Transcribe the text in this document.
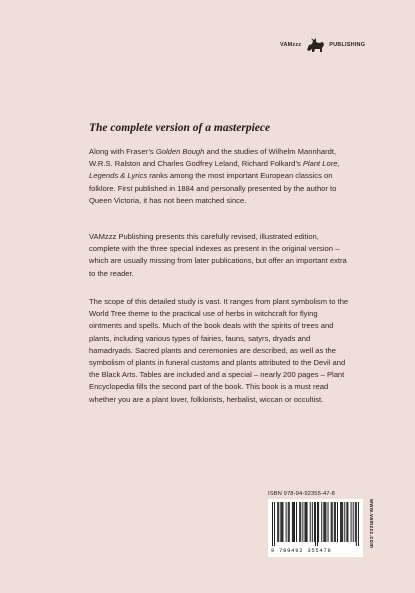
VAMzzz	PUBLISHING
The complete version of a masterpiece

Along with Fraser’s Golden Bough and the studies of Wilhelm Mannhardt, W.R.S. Ralston and Charles Godfrey Leland, Richard Folkard’s Plant Lore, Legends & Lyrics ranks among the most important European classics on folklore. First published in 1884 and personally presented by the author to Queen Victoria, it has not been matched since.

VAMzzz Publishing presents this carefully revised, illustrated edition, complete with the three special indexes as present in the original version – which are usually missing from later publications, but offer an important extra to the reader.

The scope of this detailed study is vast. It ranges from plant symbolism to the World Tree theme to the practical use of herbs in witchcraft for flying ointments and spells. Much of the book deals with the spirits of trees and plants, including various types of fairies, fauns, satyrs, dryads and hamadryads. Sacred plants and ceremonies are described, as well as the symbolism of plants in funeral customs and plants attributed to the Devil and the Black Arts. Tables are included and a special – nearly 200 pages – Plant Encyclopedia fills the second part of the book. This book is a must read whether you are a plant lover, folklorists, herbalist, wiccan or occultist.

ISBN 978-94-92355-47-8
9 789492 355478
www.vamzzz.com
